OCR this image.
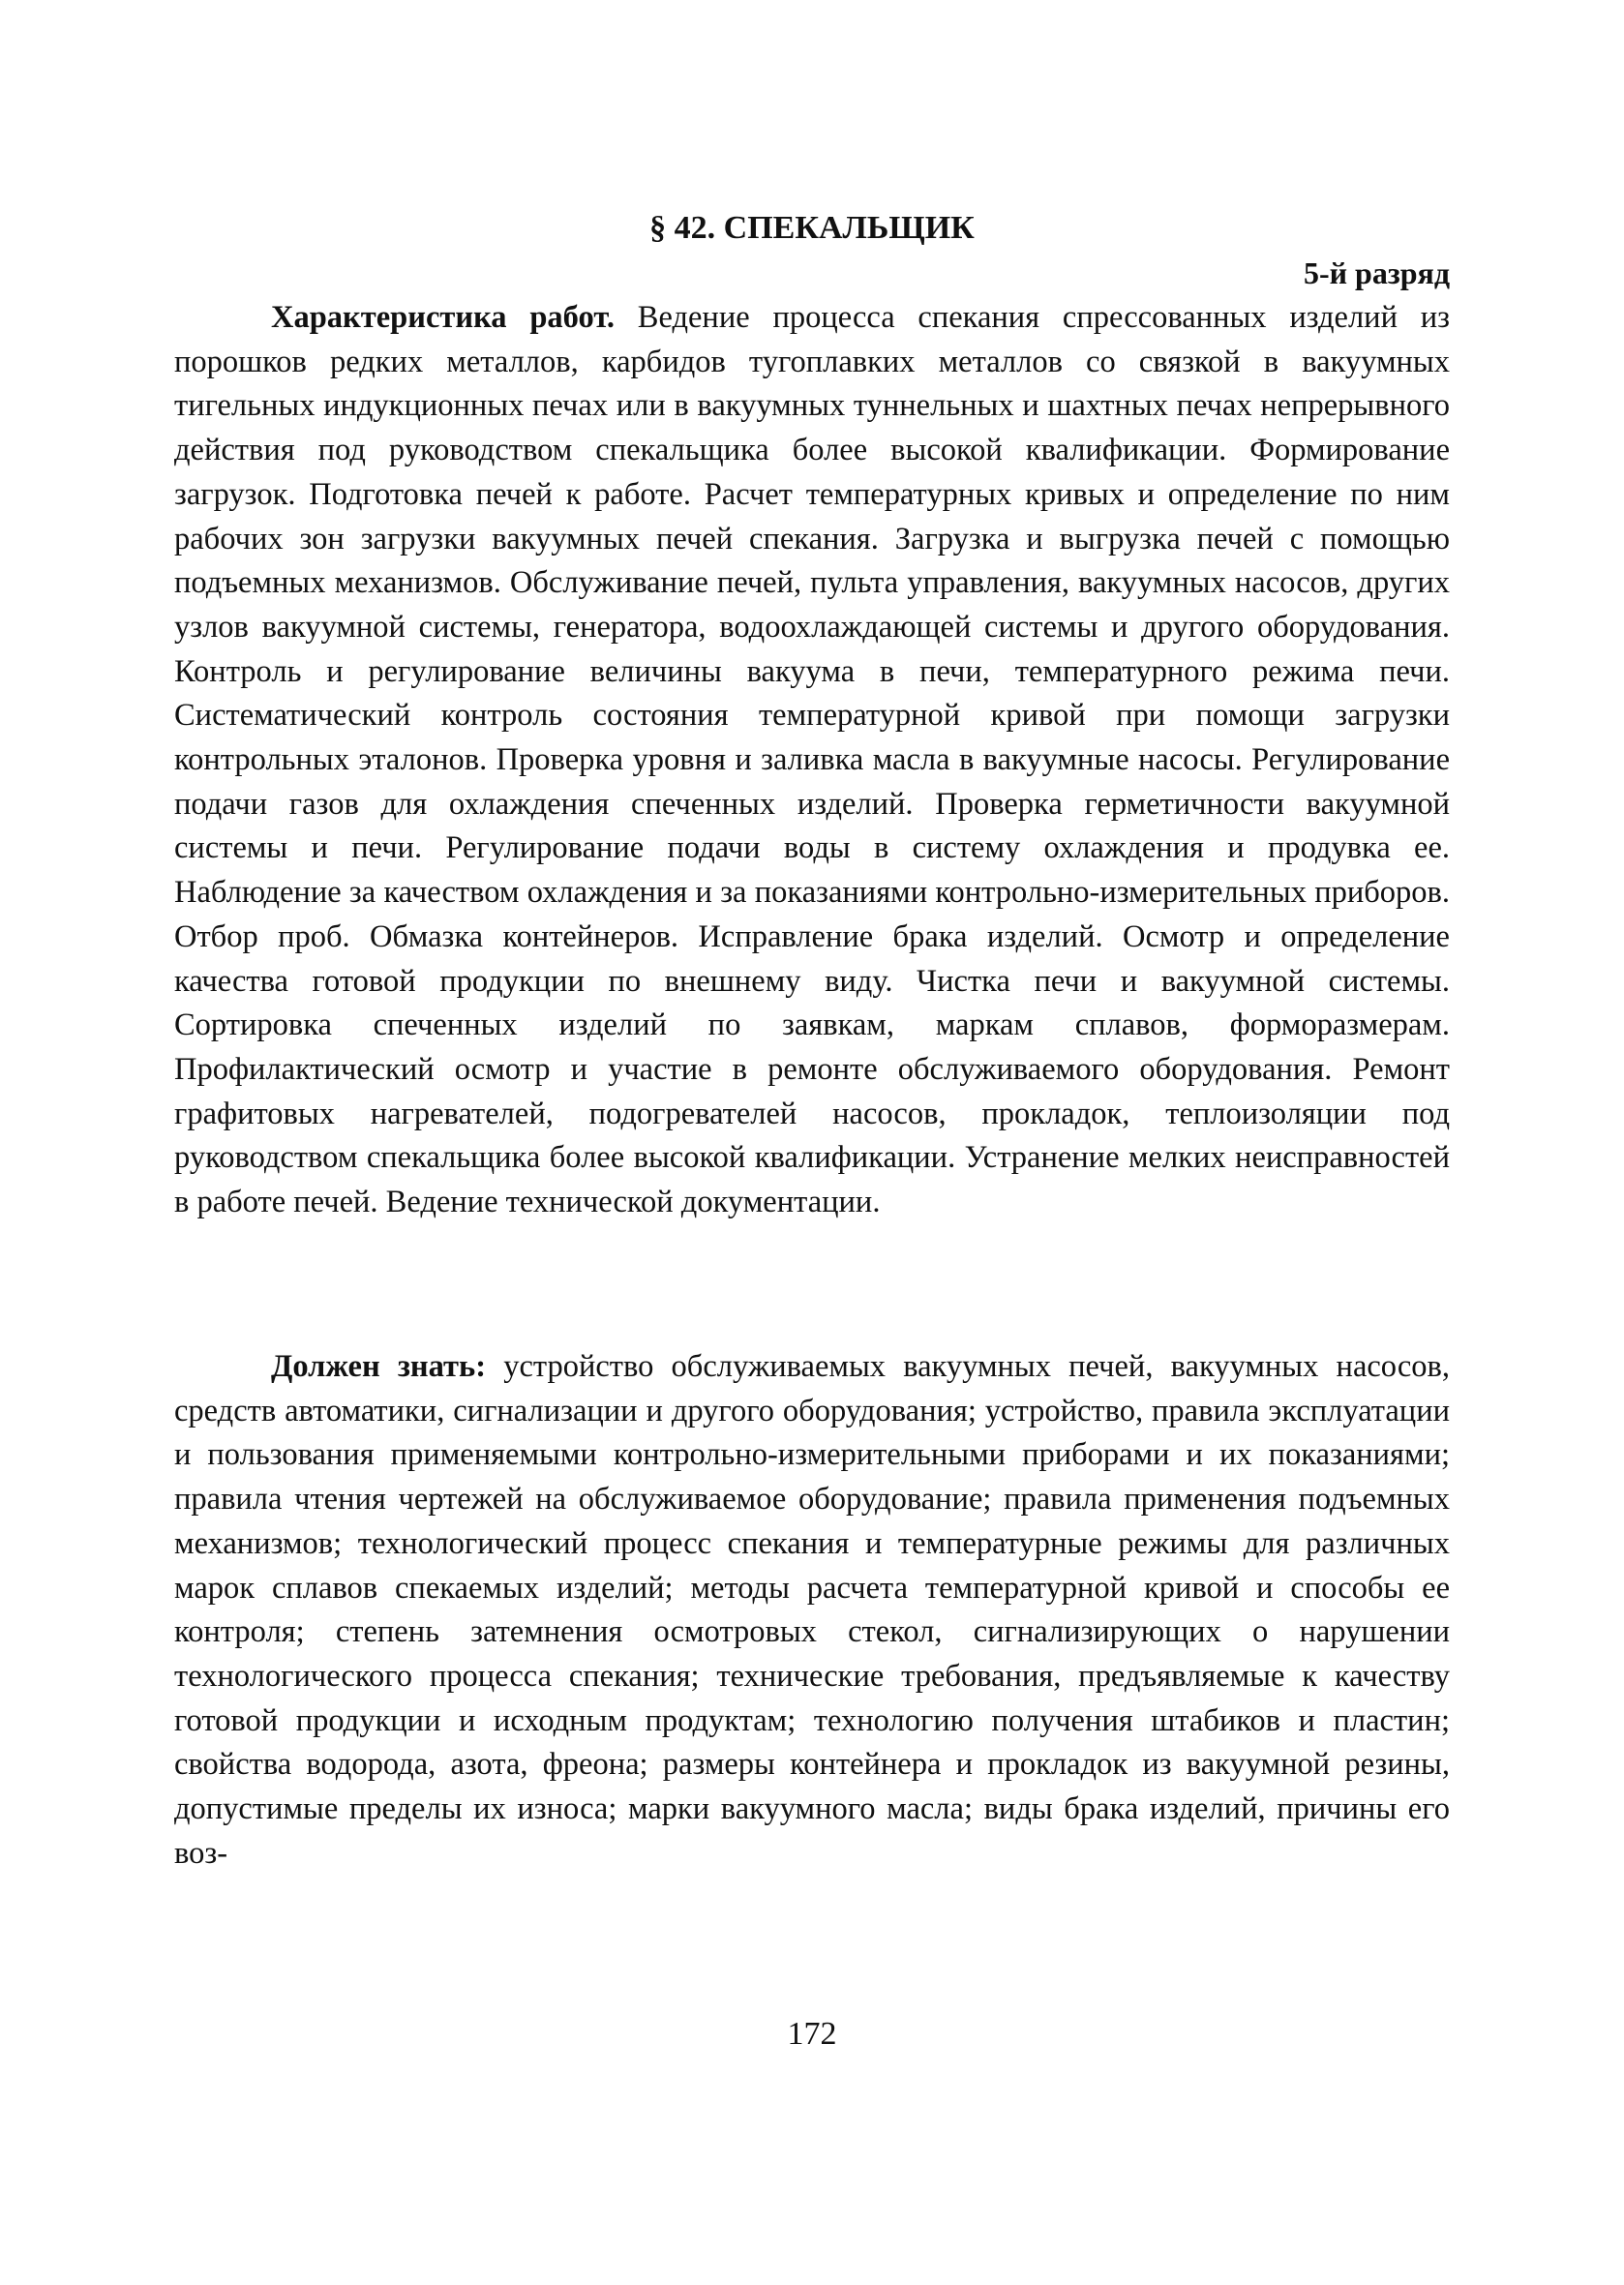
§ 42. СПЕКАЛЬЩИК
5-й разряд

Характеристика работ. Ведение процесса спекания спрессованных изделий из порошков редких металлов, карбидов тугоплавких металлов со связкой в вакуумных тигельных индукционных печах или в вакуумных туннельных и шахтных печах непрерывного действия под руководством спекальщика более высокой квалификации. Формирование загрузок. Подготовка печей к работе. Расчет температурных кривых и определение по ним рабочих зон загрузки вакуумных печей спекания. Загрузка и выгрузка печей с помощью подъемных механизмов. Обслуживание печей, пульта управления, вакуумных насосов, других узлов вакуумной системы, генератора, водоохлаждающей системы и другого оборудования. Контроль и регулирование величины вакуума в печи, температурного режима печи. Систематический контроль состояния температурной кривой при помощи загрузки контрольных эталонов. Проверка уровня и заливка масла в вакуумные насосы. Регулирование подачи газов для охлаждения спеченных изделий. Проверка герметичности вакуумной системы и печи. Регулирование подачи воды в систему охлаждения и продувка ее. Наблюдение за качеством охлаждения и за показаниями контрольно-измерительных приборов. Отбор проб. Обмазка контейнеров. Исправление брака изделий. Осмотр и определение качества готовой продукции по внешнему виду. Чистка печи и вакуумной системы. Сортировка спеченных изделий по заявкам, маркам сплавов, формоpазмерам. Профилактический осмотр и участие в ремонте обслуживаемого оборудования. Ремонт графитовых нагревателей, подогревателей насосов, прокладок, теплоизоляции под руководством спекальщика более высокой квалификации. Устранение мелких неисправностей в работе печей. Ведение технической документации.

Должен знать: устройство обслуживаемых вакуумных печей, вакуумных насосов, средств автоматики, сигнализации и другого оборудования; устройство, правила эксплуатации и пользования применяемыми контрольно-измерительными приборами и их показаниями; правила чтения чертежей на обслуживаемое оборудование; правила применения подъемных механизмов; технологический процесс спекания и температурные режимы для различных марок сплавов спекаемых изделий; методы расчета температурной кривой и способы ее контроля; степень затемнения осмотровых стекол, сигнализирующих о нарушении технологического процесса спекания; технические требования, предъявляемые к качеству готовой продукции и исходным продуктам; технологию получения штабиков и пластин; свойства водорода, азота, фреона; размеры контейнера и прокладок из вакуумной резины, допустимые пределы их износа; марки вакуумного масла; виды брака изделий, причины его воз-

172
